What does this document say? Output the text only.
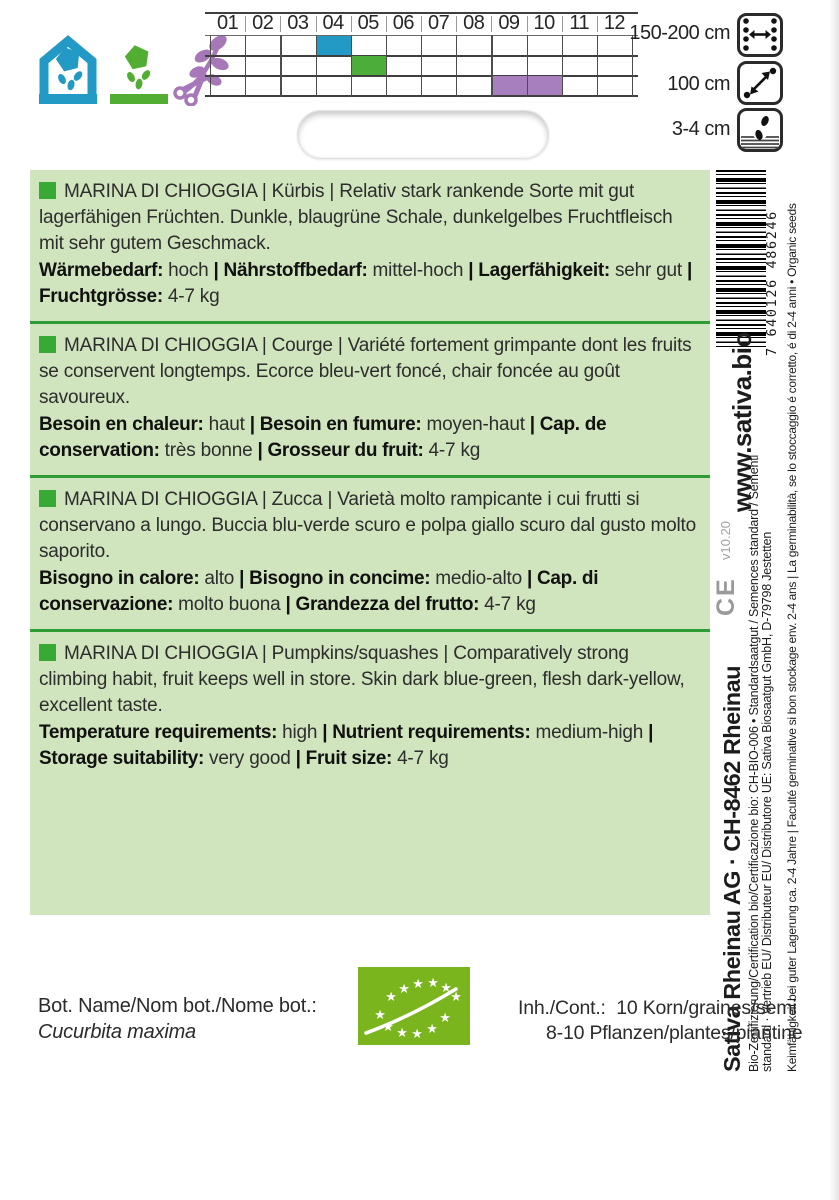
01 02 03 04 05 06 07 08 09 10 11 12 150-200 cm
100 cm
3-4 cm
MARINA DI CHIOGGIA | Kürbis | Relativ stark rankende Sorte mit gut lagerfähigen Früchten. Dunkle, blaugrüne Schale, dunkelgelbes Fruchtfleisch mit sehr gutem Geschmack.
Wärmebedarf: hoch | Nährstoffbedarf: mittel-hoch | Lagerfähigkeit: sehr gut | Fruchtgrösse: 4-7 kg
MARINA DI CHIOGGIA | Courge | Variété fortement grimpante dont les fruits se conservent longtemps. Ecorce bleu-vert foncé, chair foncée au goût savoureux.
Besoin en chaleur: haut | Besoin en fumure: moyen-haut | Cap. de conservation: très bonne | Grosseur du fruit: 4-7 kg
MARINA DI CHIOGGIA | Zucca | Varietà molto rampicante i cui frutti si conservano a lungo. Buccia blu-verde scuro e polpa giallo scuro dal gusto molto saporito.
Bisogno in calore: alto | Bisogno in concime: medio-alto | Cap. di conservazione: molto buona | Grandezza del frutto: 4-7 kg
MARINA DI CHIOGGIA | Pumpkins/squashes | Comparatively strong climbing habit, fruit keeps well in store. Skin dark blue-green, flesh dark-yellow, excellent taste.
Temperature requirements: high | Nutrient requirements: medium-high | Storage suitability: very good | Fruit size: 4-7 kg
7 640126 486246
www.sativa.bio
v10.20
CE
Sativa Rheinau AG · CH-8462 Rheinau Bio-Zertifizierung/Certification bio/Certificazione bio: CH-BIO-006 • Standardsaatgut / Semences standard / Sementi standard · Vertrieb EU/ Distributeur EU/ Distributore UE: Sativa Biosaatgut GmbH, D-79798 Jestetten Keimfähigkeit bei guter Lagerung ca. 2-4 Jahre | Faculté germinative si bon stockage env. 2-4 ans | La germinabilità, se lo stoccaggio é corretto, é di 2-4 anni • Organic seeds
Bot. Name/Nom bot./Nome bot.:
Cucurbita maxima
★
★ ★ ★ ★
★
★
★ ★ ★ ★
★	Inh./Cont.: 10 Korn/graines/semi
8-10 Pflanzen/plantes/piantine
